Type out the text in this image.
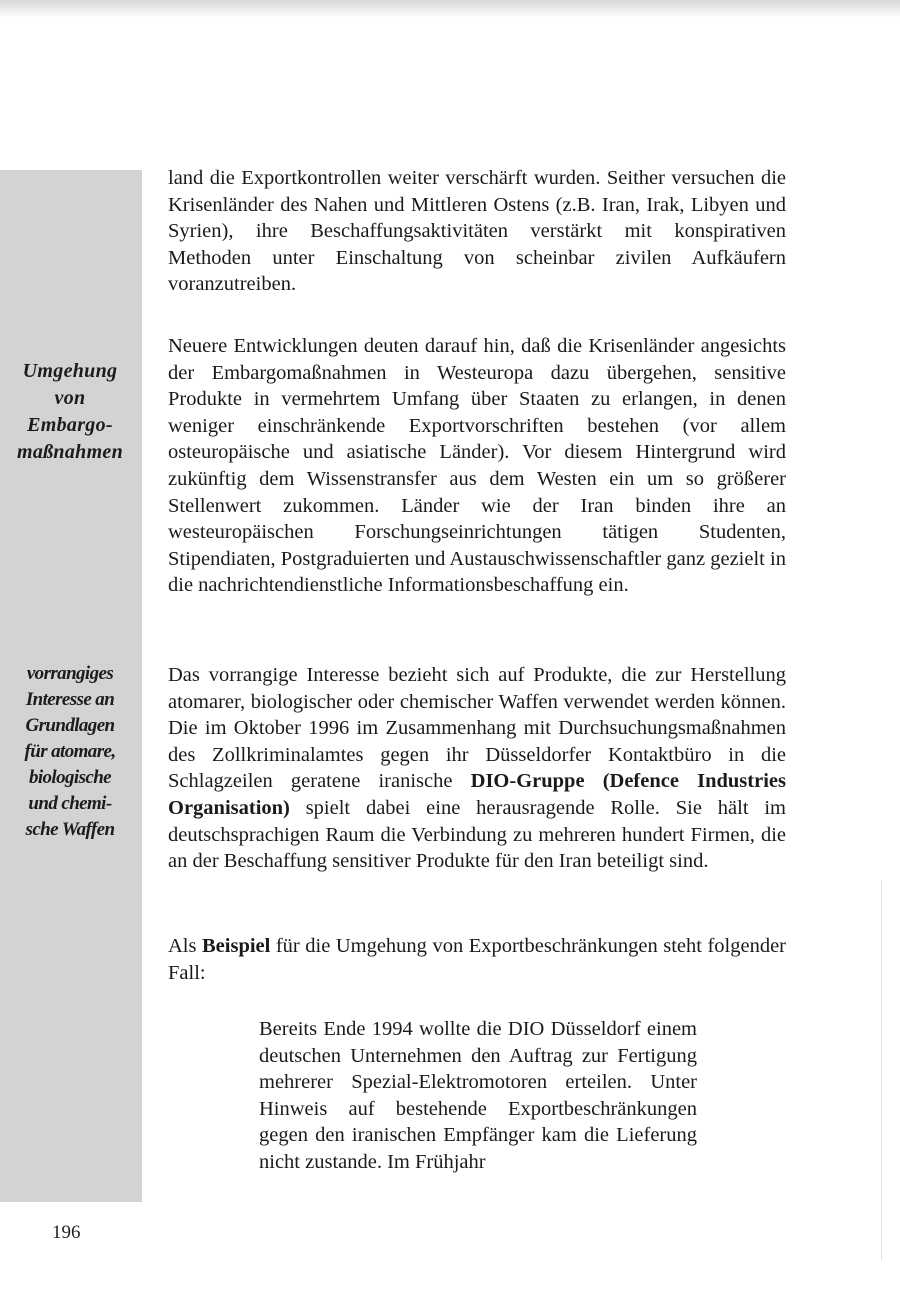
Umgehung
von
Embargo-
maßnahmen
vorrangiges
Interesse an
Grundlagen
für atomare,
biologische
und chemi-
sche Waffen

land die Exportkontrollen weiter verschärft wurden. Seither versuchen die Krisenländer des Nahen und Mittleren Ostens (z.B. Iran, Irak, Libyen und Syrien), ihre Beschaffungsaktivitäten verstärkt mit konspirativen Methoden unter Einschaltung von scheinbar zivilen Aufkäufern voranzutreiben.

Neuere Entwicklungen deuten darauf hin, daß die Krisenländer angesichts der Embargomaßnahmen in Westeuropa dazu übergehen, sensitive Produkte in vermehrtem Umfang über Staaten zu erlangen, in denen weniger einschränkende Exportvorschriften bestehen (vor allem osteuropäische und asiatische Länder). Vor diesem Hintergrund wird zukünftig dem Wissenstransfer aus dem Westen ein um so größerer Stellenwert zukommen. Länder wie der Iran binden ihre an westeuropäischen Forschungseinrichtungen tätigen Studenten, Stipendiaten, Postgraduierten und Austauschwissenschaftler ganz gezielt in die nachrichtendienstliche Informationsbeschaffung ein.

Das vorrangige Interesse bezieht sich auf Produkte, die zur Herstellung atomarer, biologischer oder chemischer Waffen verwendet werden können. Die im Oktober 1996 im Zusammenhang mit Durchsuchungsmaßnahmen des Zollkriminalamtes gegen ihr Düsseldorfer Kontaktbüro in die Schlagzeilen geratene iranische DIO-Gruppe (Defence Industries Organisation) spielt dabei eine herausragende Rolle. Sie hält im deutschsprachigen Raum die Verbindung zu mehreren hundert Firmen, die an der Beschaffung sensitiver Produkte für den Iran beteiligt sind.

Als Beispiel für die Umgehung von Exportbeschränkungen steht folgender Fall:

Bereits Ende 1994 wollte die DIO Düsseldorf einem deutschen Unternehmen den Auftrag zur Fertigung mehrerer Spezial-Elektromotoren erteilen. Unter Hinweis auf bestehende Exportbeschränkungen gegen den iranischen Empfänger kam die Lieferung nicht zustande. Im Frühjahr

196
